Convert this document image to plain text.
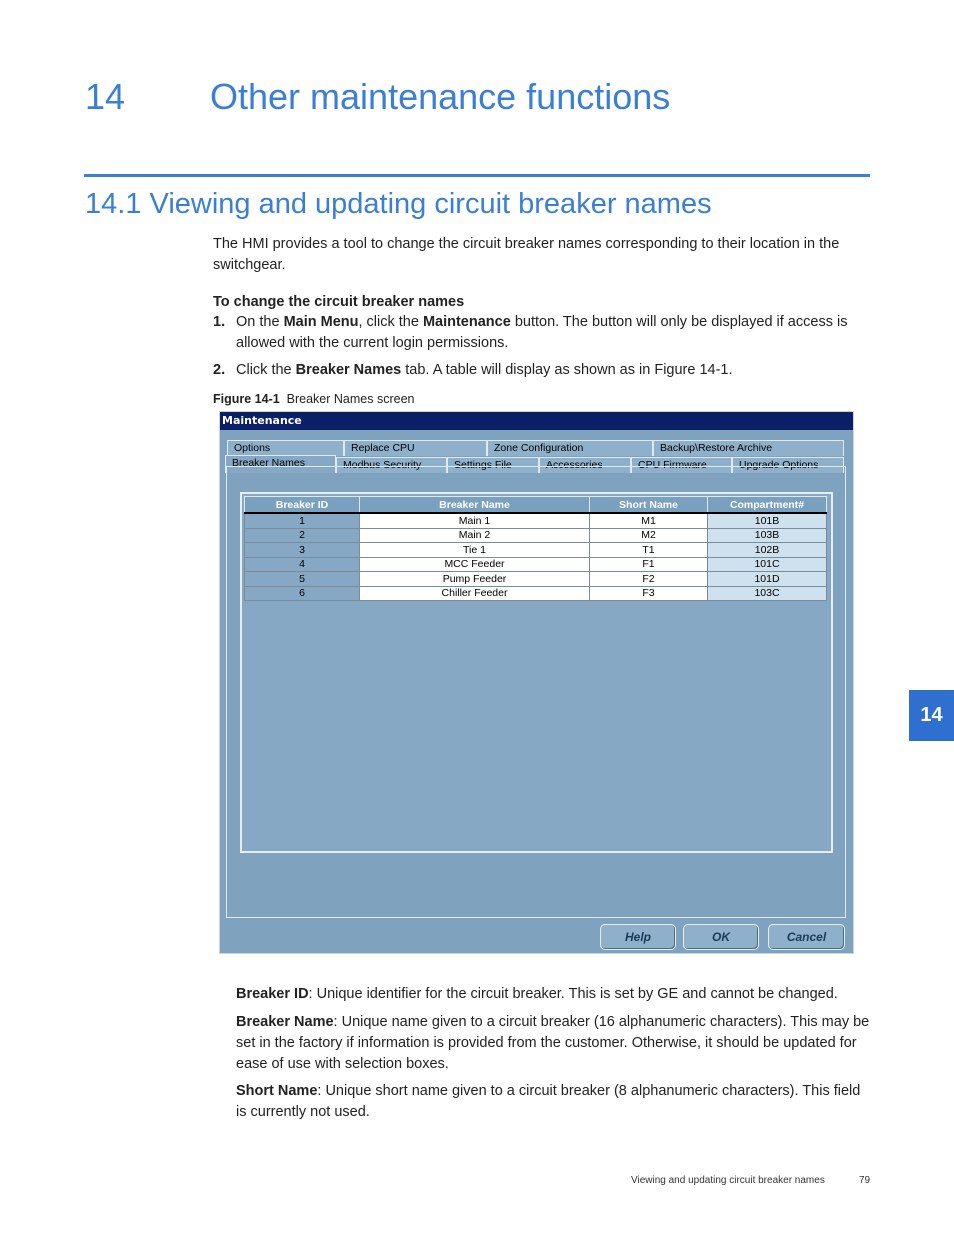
14 Other maintenance functions
14.1 Viewing and updating circuit breaker names
The HMI provides a tool to change the circuit breaker names corresponding to their location in the switchgear.
To change the circuit breaker names
1. On the Main Menu, click the Maintenance button. The button will only be displayed if access is allowed with the current login permissions.
2. Click the Breaker Names tab. A table will display as shown as in Figure 14-1.
Figure 14-1 Breaker Names screen
Maintenance
Options	Replace CPU	Zone Configuration	Backup\Restore Archive
Breaker Names	Modbus Security	Settings File	Accessories	CPU Firmware	Upgrade Options
Breaker ID	Breaker Name	Short Name	Compartment#
1	Main 1	M1	101B
2	Main 2	M2	103B
3	Tie 1	T1	102B
4	MCC Feeder	F1	101C
5	Pump Feeder	F2	101D
6	Chiller Feeder	F3	103C
Help	OK	Cancel
14
Breaker ID: Unique identifier for the circuit breaker. This is set by GE and cannot be changed.
Breaker Name: Unique name given to a circuit breaker (16 alphanumeric characters). This may be set in the factory if information is provided from the customer. Otherwise, it should be updated for ease of use with selection boxes.
Short Name: Unique short name given to a circuit breaker (8 alphanumeric characters). This field is currently not used.
Viewing and updating circuit breaker names	79
